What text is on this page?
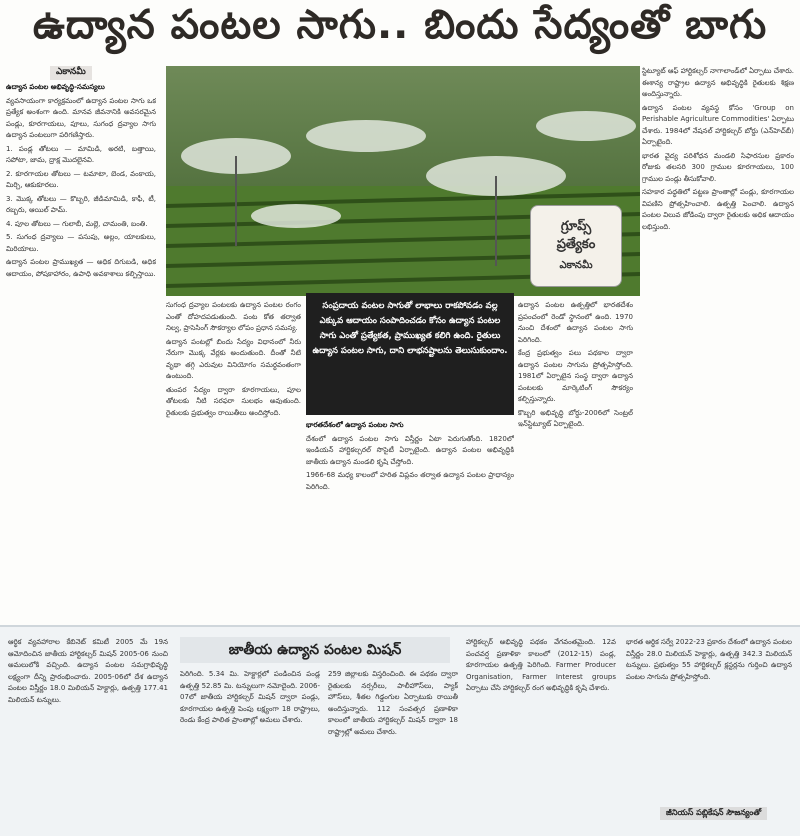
ఉద్యాన పంటల సాగు.. బిందు సేద్యంతో బాగు
ఎకానమీ

ఉద్యాన పంటల అభివృద్ధి-సమస్యలు

వ్యవసాయంగా కార్యక్రమంలో ఉద్యాన పంటల సాగు ఒక ప్రత్యేక అంశంగా ఉంది. మానవ జీవనానికి అవసరమైన పండ్లు, కూరగాయలు, పూలు, సుగంధ ద్రవ్యాల సాగు ఉద్యాన పంటలుగా పరిగణిస్తారు.

1. పండ్ల తోటలు — మామిడి, అరటి, బత్తాయి, సపోటా, జామ, ద్రాక్ష మొదలైనవి.

2. కూరగాయల తోటలు — టమాటా, బెండ, వంకాయ, మిర్చి, ఆకుకూరలు.

3. మొక్క తోటలు — కొబ్బరి, జీడిమామిడి, కాఫీ, టీ, రబ్బరు, ఆయిల్ పామ్.

4. పూల తోటలు — గులాబీ, మల్లె, చామంతి, బంతి.

5. సుగంధ ద్రవ్యాలు — పసుపు, అల్లం, యాలకులు, మిరియాలు.

ఉద్యాన పంటల ప్రాముఖ్యత — అధిక దిగుబడి, అధిక ఆదాయం, పోషకాహారం, ఉపాధి అవకాశాలు కల్పిస్తాయి.

గ్రూప్స్
ప్రత్యేకం
ఎకానమీ
సంప్రదాయ వంటల సాగుతో లాభాలు రాకపోవడం వల్ల ఎక్కువ ఆదాయం సంపాదించడం కోసం ఉద్యాన పంటల సాగు ఎంతో ప్రత్యేకత, ప్రాముఖ్యత కలిగి ఉంది. రైతులు ఉద్యాన పంటల సాగు, దాని లాభనష్టాలను తెలుసుకుందాం.

సుగంధ ద్రవ్యాల పంటలకు ఉద్యాన పంటల రంగం ఎంతో దోహదపడుతుంది. పంట కోత తర్వాత నిల్వ, ప్రాసెసింగ్ సౌకర్యాల లోపం ప్రధాన సమస్య.

ఉద్యాన పంటల్లో బిందు సేద్యం విధానంలో నీరు నేరుగా మొక్క వేర్లకు అందుతుంది. దీంతో నీటి వృథా తగ్గి ఎరువుల వినియోగం సమర్థవంతంగా ఉంటుంది.

తుంపర సేద్యం ద్వారా కూరగాయలు, పూల తోటలకు నీటి సరఫరా సులభం అవుతుంది. రైతులకు ప్రభుత్వం రాయితీలు అందిస్తోంది.

భారతదేశంలో ఉద్యాన పంటల సాగు

దేశంలో ఉద్యాన పంటల సాగు విస్తీర్ణం ఏటా పెరుగుతోంది. 1820లో ఇండియన్ హార్టికల్చరల్ సొసైటీ ఏర్పాటైంది. ఉద్యాన పంటల అభివృద్ధికి జాతీయ ఉద్యాన మండలి కృషి చేస్తోంది.

1966-68 మధ్య కాలంలో హరిత విప్లవం తర్వాత ఉద్యాన పంటల ప్రాధాన్యం పెరిగింది.

ఉద్యాన పంటల ఉత్పత్తిలో భారతదేశం ప్రపంచంలో రెండో స్థానంలో ఉంది. 1970 నుంచి దేశంలో ఉద్యాన పంటల సాగు పెరిగింది.

కేంద్ర ప్రభుత్వం పలు పథకాల ద్వారా ఉద్యాన పంటల సాగును ప్రోత్సహిస్తోంది. 1981లో ఏర్పాటైన సంస్థ ద్వారా ఉద్యాన పంటలకు మార్కెటింగ్ సౌకర్యం కల్పిస్తున్నారు.

కొబ్బరి అభివృద్ధి బోర్డు-2006లో సెంట్రల్ ఇన్‌స్టిట్యూట్ ఏర్పాటైంది.

స్టిట్యూట్ ఆఫ్ హార్టికల్చర్ నాగాలాండ్‌లో ఏర్పాటు చేశారు. ఈశాన్య రాష్ట్రాల ఉద్యాన అభివృద్ధికి రైతులకు శిక్షణ అందిస్తున్నారు.

ఉద్యాన పంటల వ్యవస్థ కోసం 'Group on Perishable Agriculture Commodities' ఏర్పాటు చేశారు. 1984లో నేషనల్ హార్టికల్చర్ బోర్డు (ఎన్‌హెచ్‌బీ) ఏర్పాటైంది.

భారత వైద్య పరిశోధన మండలి సిఫారసుల ప్రకారం రోజుకు తలసరి 300 గ్రాముల కూరగాయలు, 100 గ్రాముల పండ్లు తీసుకోవాలి.

సహకార పద్ధతిలో పట్టణ ప్రాంతాల్లో పండ్లు, కూరగాయల విపణిని ప్రోత్సహించాలి. ఉత్పత్తి పెంచాలి. ఉద్యాన పంటల విలువ జోడింపు ద్వారా రైతులకు అధిక ఆదాయం లభిస్తుంది.

జాతీయ ఉద్యాన పంటల మిషన్
ఆర్థిక వ్యవహారాల కేబినెట్ కమిటీ 2005 మే 19న ఆమోదించిన జాతీయ హార్టికల్చర్ మిషన్ 2005-06 నుంచి అమలులోకి వచ్చింది. ఉద్యాన పంటల సమగ్రాభివృద్ధి లక్ష్యంగా దీన్ని ప్రారంభించారు. 2005-06లో దేశ ఉద్యాన పంటల విస్తీర్ణం 18.0 మిలియన్ హెక్టార్లు, ఉత్పత్తి 177.41 మిలియన్ టన్నులు.
పెరిగింది. 5.34 మి. హెక్టార్లలో పండించిన పండ్ల ఉత్పత్తి 52.85 మి. టన్నులుగా నమోదైంది. 2006-07లో జాతీయ హార్టికల్చర్ మిషన్ ద్వారా పండ్లు, కూరగాయల ఉత్పత్తి పెంపు లక్ష్యంగా 18 రాష్ట్రాలు, రెండు కేంద్ర పాలిత ప్రాంతాల్లో అమలు చేశారు.
259 జిల్లాలకు విస్తరించింది. ఈ పథకం ద్వారా రైతులకు నర్సరీలు, పాలీహౌస్‌లు, ప్యాక్ హౌస్‌లు, శీతల గిడ్డంగుల ఏర్పాటుకు రాయితీ అందిస్తున్నారు. 112 సంవత్సర ప్రణాళికా కాలంలో జాతీయ హార్టికల్చర్ మిషన్ ద్వారా 18 రాష్ట్రాల్లో అమలు చేశారు.
హార్టికల్చర్ అభివృద్ధి పథకం వేగవంతమైంది. 12వ పంచవర్ష ప్రణాళికా కాలంలో (2012-15) పండ్ల, కూరగాయల ఉత్పత్తి పెరిగింది. Farmer Producer Organisation, Farmer Interest groups ఏర్పాటు చేసి హార్టికల్చర్ రంగ అభివృద్ధికి కృషి చేశారు.
భారత ఆర్థిక సర్వే 2022-23 ప్రకారం దేశంలో ఉద్యాన పంటల విస్తీర్ణం 28.0 మిలియన్ హెక్టార్లు, ఉత్పత్తి 342.3 మిలియన్ టన్నులు. ప్రభుత్వం 55 హార్టికల్చర్ క్లస్టర్లను గుర్తించి ఉద్యాన పంటల సాగును ప్రోత్సహిస్తోంది.
జీనియస్ పబ్లికేషన్ సౌజన్యంతో
